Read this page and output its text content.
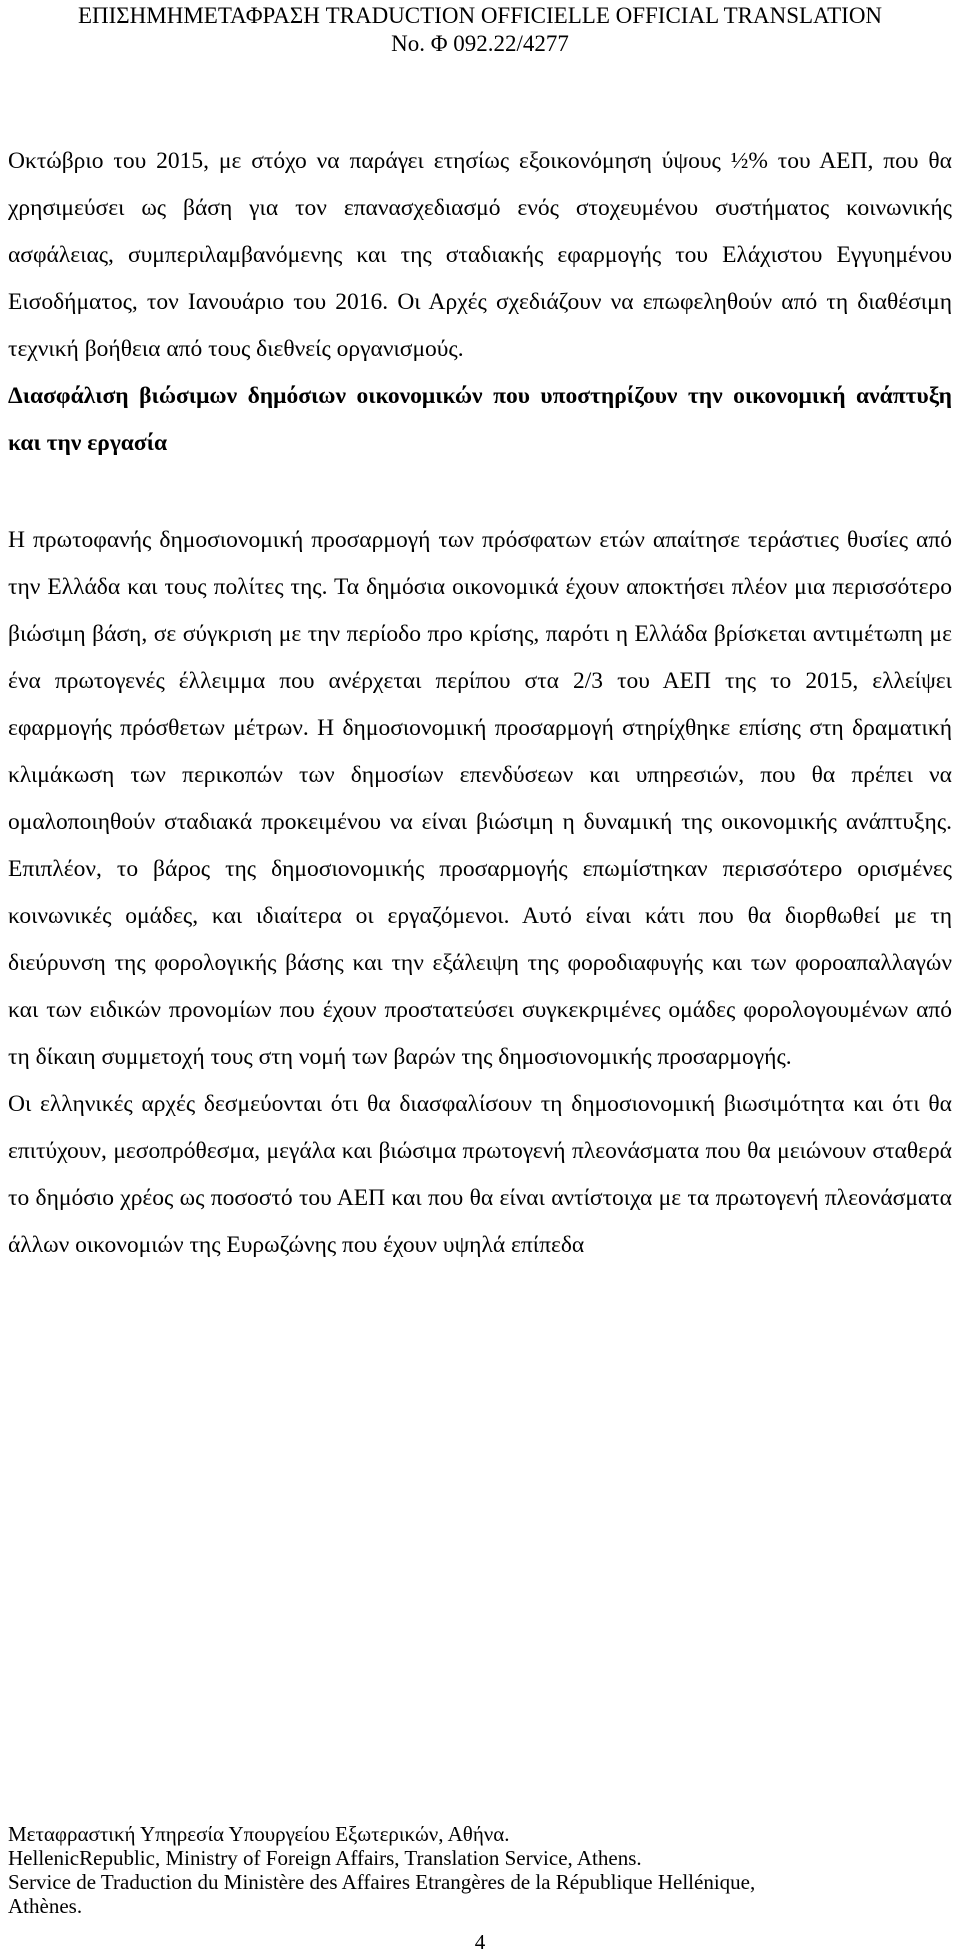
ΕΠΙΣΗΜΗΜΕΤΑΦΡΑΣΗ TRADUCTION OFFICIELLE OFFICIAL TRANSLATION
No. Φ 092.22/4277

Οκτώβριο του 2015, με στόχο να παράγει ετησίως εξοικονόμηση ύψους ½% του ΑΕΠ, που θα χρησιμεύσει ως βάση για τον επανασχεδιασμό ενός στοχευμένου συστήματος κοινωνικής ασφάλειας, συμπεριλαμβανόμενης και της σταδιακής εφαρμογής του Ελάχιστου Εγγυημένου Εισοδήματος, τον Ιανουάριο του 2016. Οι Αρχές σχεδιάζουν να επωφεληθούν από τη διαθέσιμη τεχνική βοήθεια από τους διεθνείς οργανισμούς.

Διασφάλιση βιώσιμων δημόσιων οικονομικών που υποστηρίζουν την οικονομική ανάπτυξη και την εργασία

Η πρωτοφανής δημοσιονομική προσαρμογή των πρόσφατων ετών απαίτησε τεράστιες θυσίες από την Ελλάδα και τους πολίτες της. Τα δημόσια οικονομικά έχουν αποκτήσει πλέον μια περισσότερο βιώσιμη βάση, σε σύγκριση με την περίοδο προ κρίσης, παρότι η Ελλάδα βρίσκεται αντιμέτωπη με ένα πρωτογενές έλλειμμα που ανέρχεται περίπου στα 2/3 του ΑΕΠ της το 2015, ελλείψει εφαρμογής πρόσθετων μέτρων. Η δημοσιονομική προσαρμογή στηρίχθηκε επίσης στη δραματική κλιμάκωση των περικοπών των δημοσίων επενδύσεων και υπηρεσιών, που θα πρέπει να ομαλοποιηθούν σταδιακά προκειμένου να είναι βιώσιμη η δυναμική της οικονομικής ανάπτυξης. Επιπλέον, το βάρος της δημοσιονομικής προσαρμογής επωμίστηκαν περισσότερο ορισμένες κοινωνικές ομάδες, και ιδιαίτερα οι εργαζόμενοι. Αυτό είναι κάτι που θα διορθωθεί με τη διεύρυνση της φορολογικής βάσης και την εξάλειψη της φοροδιαφυγής και των φοροαπαλλαγών και των ειδικών προνομίων που έχουν προστατεύσει συγκεκριμένες ομάδες φορολογουμένων από τη δίκαιη συμμετοχή τους στη νομή των βαρών της δημοσιονομικής προσαρμογής.

Οι ελληνικές αρχές δεσμεύονται ότι θα διασφαλίσουν τη δημοσιονομική βιωσιμότητα και ότι θα επιτύχουν, μεσοπρόθεσμα, μεγάλα και βιώσιμα πρωτογενή πλεονάσματα που θα μειώνουν σταθερά το δημόσιο χρέος ως ποσοστό του ΑΕΠ και που θα είναι αντίστοιχα με τα πρωτογενή πλεονάσματα άλλων οικονομιών της Ευρωζώνης που έχουν υψηλά επίπεδα

Μεταφραστική Υπηρεσία Υπουργείου Εξωτερικών, Αθήνα.
HellenicRepublic, Ministry of Foreign Affairs, Translation Service, Athens.
Service de Traduction du Ministère des Affaires Etrangères de la République Hellénique,
Athènes.
4
